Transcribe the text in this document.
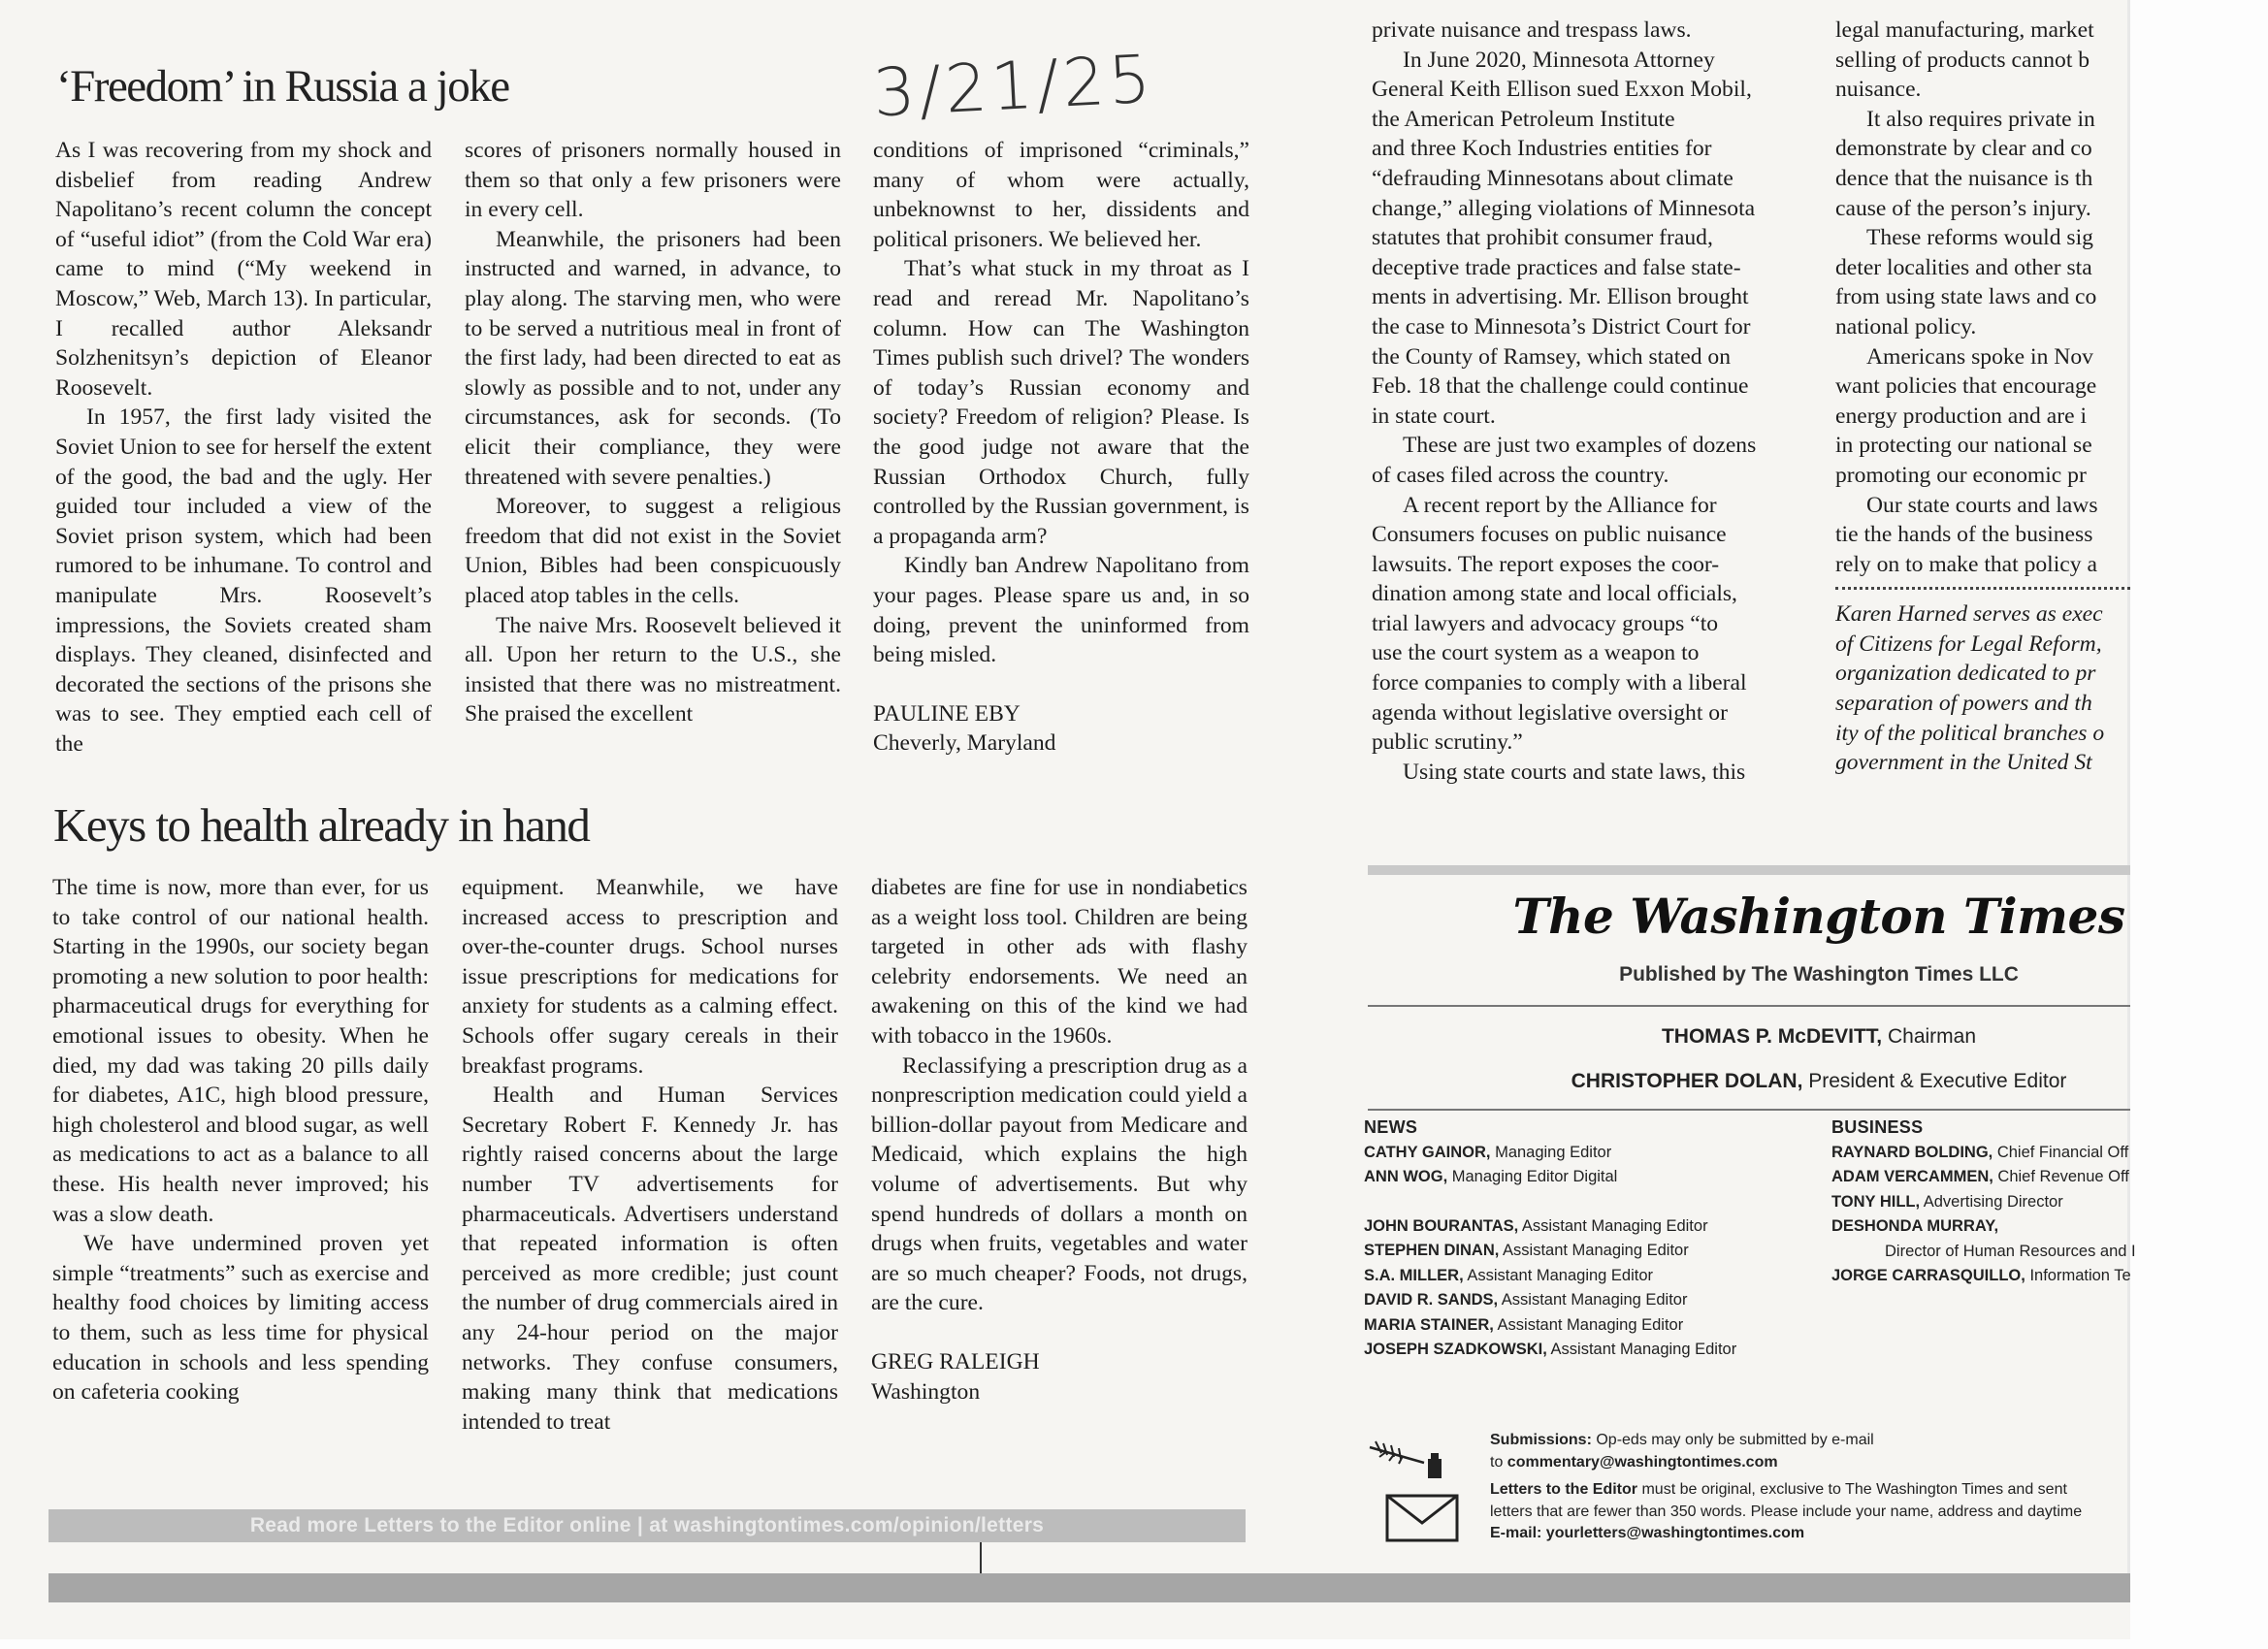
3/21/25
‘Freedom’ in Russia a joke

As I was recovering from my shock and disbelief from reading Andrew Napolitano’s recent column the concept of “useful idiot” (from the Cold War era) came to mind (“My weekend in Moscow,” Web, March 13). In particular, I recalled author Aleksandr Solzhenitsyn’s depiction of Eleanor Roosevelt.

In 1957, the first lady visited the Soviet Union to see for herself the extent of the good, the bad and the ugly. Her guided tour included a view of the Soviet prison system, which had been rumored to be inhumane. To control and manipulate Mrs. Roosevelt’s impressions, the Soviets created sham displays. They cleaned, disinfected and decorated the sections of the prisons she was to see. They emptied each cell of the

scores of prisoners normally housed in them so that only a few prisoners were in every cell.

Meanwhile, the prisoners had been instructed and warned, in advance, to play along. The starving men, who were to be served a nutritious meal in front of the first lady, had been directed to eat as slowly as possible and to not, under any circumstances, ask for seconds. (To elicit their compliance, they were threatened with severe penalties.)

Moreover, to suggest a religious freedom that did not exist in the Soviet Union, Bibles had been conspicuously placed atop tables in the cells.

The naive Mrs. Roosevelt believed it all. Upon her return to the U.S., she insisted that there was no mistreatment. She praised the excellent

conditions of imprisoned “criminals,” many of whom were actually, unbeknownst to her, dissidents and political prisoners. We believed her.

That’s what stuck in my throat as I read and reread Mr. Napolitano’s column. How can The Washington Times publish such drivel? The wonders of today’s Russian economy and society? Freedom of religion? Please. Is the good judge not aware that the Russian Orthodox Church, fully controlled by the Russian government, is a propaganda arm?

Kindly ban Andrew Napolitano from your pages. Please spare us and, in so doing, prevent the uninformed from being misled.

PAULINE EBY

Cheverly, Maryland

Keys to health already in hand

The time is now, more than ever, for us to take control of our national health. Starting in the 1990s, our society began promoting a new solution to poor health: pharmaceutical drugs for everything for emotional issues to obesity. When he died, my dad was taking 20 pills daily for diabetes, A1C, high blood pressure, high cholesterol and blood sugar, as well as medications to act as a balance to all these. His health never improved; his was a slow death.

We have undermined proven yet simple “treatments” such as exercise and healthy food choices by limiting access to them, such as less time for physical education in schools and less spending on cafeteria cooking

equipment. Meanwhile, we have increased access to prescription and over-the-counter drugs. School nurses issue prescriptions for medications for anxiety for students as a calming effect. Schools offer sugary cereals in their breakfast programs.

Health and Human Services Secretary Robert F. Kennedy Jr. has rightly raised concerns about the large number TV advertisements for pharmaceuticals. Advertisers understand that repeated information is often perceived as more credible; just count the number of drug commercials aired in any 24-hour period on the major networks. They confuse consumers, making many think that medications intended to treat

diabetes are fine for use in nondiabetics as a weight loss tool. Children are being targeted in other ads with flashy celebrity endorsements. We need an awakening on this of the kind we had with tobacco in the 1960s.

Reclassifying a prescription drug as a nonprescription medication could yield a billion-dollar payout from Medicare and Medicaid, which explains the high volume of advertisements. But why spend hundreds of dollars a month on drugs when fruits, vegetables and water are so much cheaper? Foods, not drugs, are the cure.

GREG RALEIGH

Washington

private nuisance and trespass laws.
In June 2020, Minnesota Attorney
General Keith Ellison sued Exxon Mobil,
the American Petroleum Institute
and three Koch Industries entities for
“defrauding Minnesotans about climate
change,” alleging violations of Minnesota
statutes that prohibit consumer fraud,
deceptive trade practices and false state-
ments in advertising. Mr. Ellison brought
the case to Minnesota’s District Court for
the County of Ramsey, which stated on
Feb. 18 that the challenge could continue
in state court.
These are just two examples of dozens
of cases filed across the country.
A recent report by the Alliance for
Consumers focuses on public nuisance
lawsuits. The report exposes the coor-
dination among state and local officials,
trial lawyers and advocacy groups “to
use the court system as a weapon to
force companies to comply with a liberal
agenda without legislative oversight or
public scrutiny.”
Using state courts and state laws, this
legal manufacturing, market
selling of products cannot b
nuisance.
It also requires private in
demonstrate by clear and co
dence that the nuisance is th
cause of the person’s injury.
These reforms would sig
deter localities and other sta
from using state laws and co
national policy.
Americans spoke in Nov
want policies that encourage
energy production and are i
in protecting our national se
promoting our economic pr
Our state courts and laws
tie the hands of the business
rely on to make that policy a
Karen Harned serves as exec
of Citizens for Legal Reform,
organization dedicated to pr
separation of powers and th
ity of the political branches o
government in the United St
The Washington Times
Published by The Washington Times LLC
THOMAS P. McDEVITT, Chairman
CHRISTOPHER DOLAN, President & Executive Editor
NEWS
CATHY GAINOR, Managing Editor
ANN WOG, Managing Editor Digital
JOHN BOURANTAS, Assistant Managing Editor
STEPHEN DINAN, Assistant Managing Editor
S.A. MILLER, Assistant Managing Editor
DAVID R. SANDS, Assistant Managing Editor
MARIA STAINER, Assistant Managing Editor
JOSEPH SZADKOWSKI, Assistant Managing Editor
BUSINESS
RAYNARD BOLDING, Chief Financial Off
ADAM VERCAMMEN, Chief Revenue Off
TONY HILL, Advertising Director
DESHONDA MURRAY,
Director of Human Resources and I
JORGE CARRASQUILLO, Information Te
Submissions: Op-eds may only be submitted by e-mail
to commentary@washingtontimes.com
Letters to the Editor must be original, exclusive to The Washington Times and sent
letters that are fewer than 350 words. Please include your name, address and daytime
E-mail: yourletters@washingtontimes.com
Read more Letters to the Editor online | at washingtontimes.com/opinion/letters
